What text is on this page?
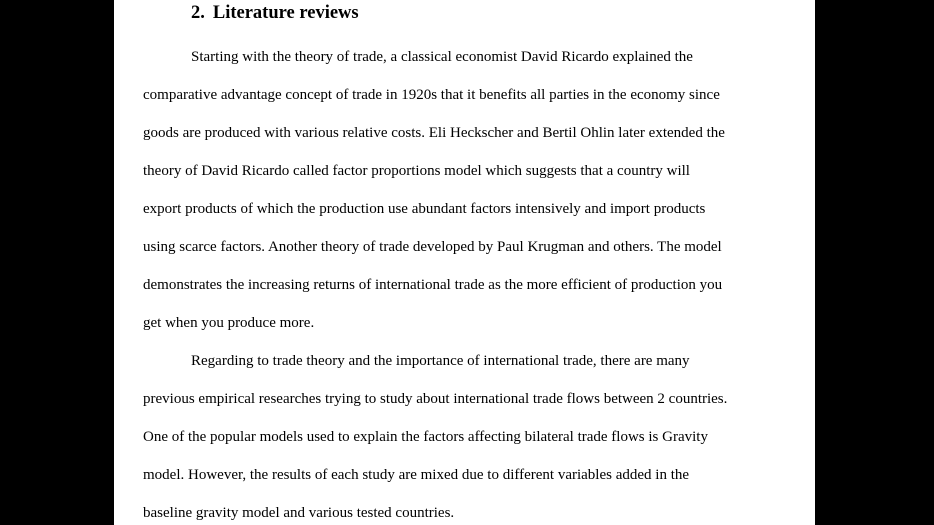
2. Literature reviews
Starting with the theory of trade, a classical economist David Ricardo explained the
comparative advantage concept of trade in 1920s that it benefits all parties in the economy since
goods are produced with various relative costs. Eli Heckscher and Bertil Ohlin later extended the
theory of David Ricardo called factor proportions model which suggests that a country will
export products of which the production use abundant factors intensively and import products
using scarce factors. Another theory of trade developed by Paul Krugman and others. The model
demonstrates the increasing returns of international trade as the more efficient of production you
get when you produce more.
Regarding to trade theory and the importance of international trade, there are many
previous empirical researches trying to study about international trade flows between 2 countries.
One of the popular models used to explain the factors affecting bilateral trade flows is Gravity
model. However, the results of each study are mixed due to different variables added in the
baseline gravity model and various tested countries.
